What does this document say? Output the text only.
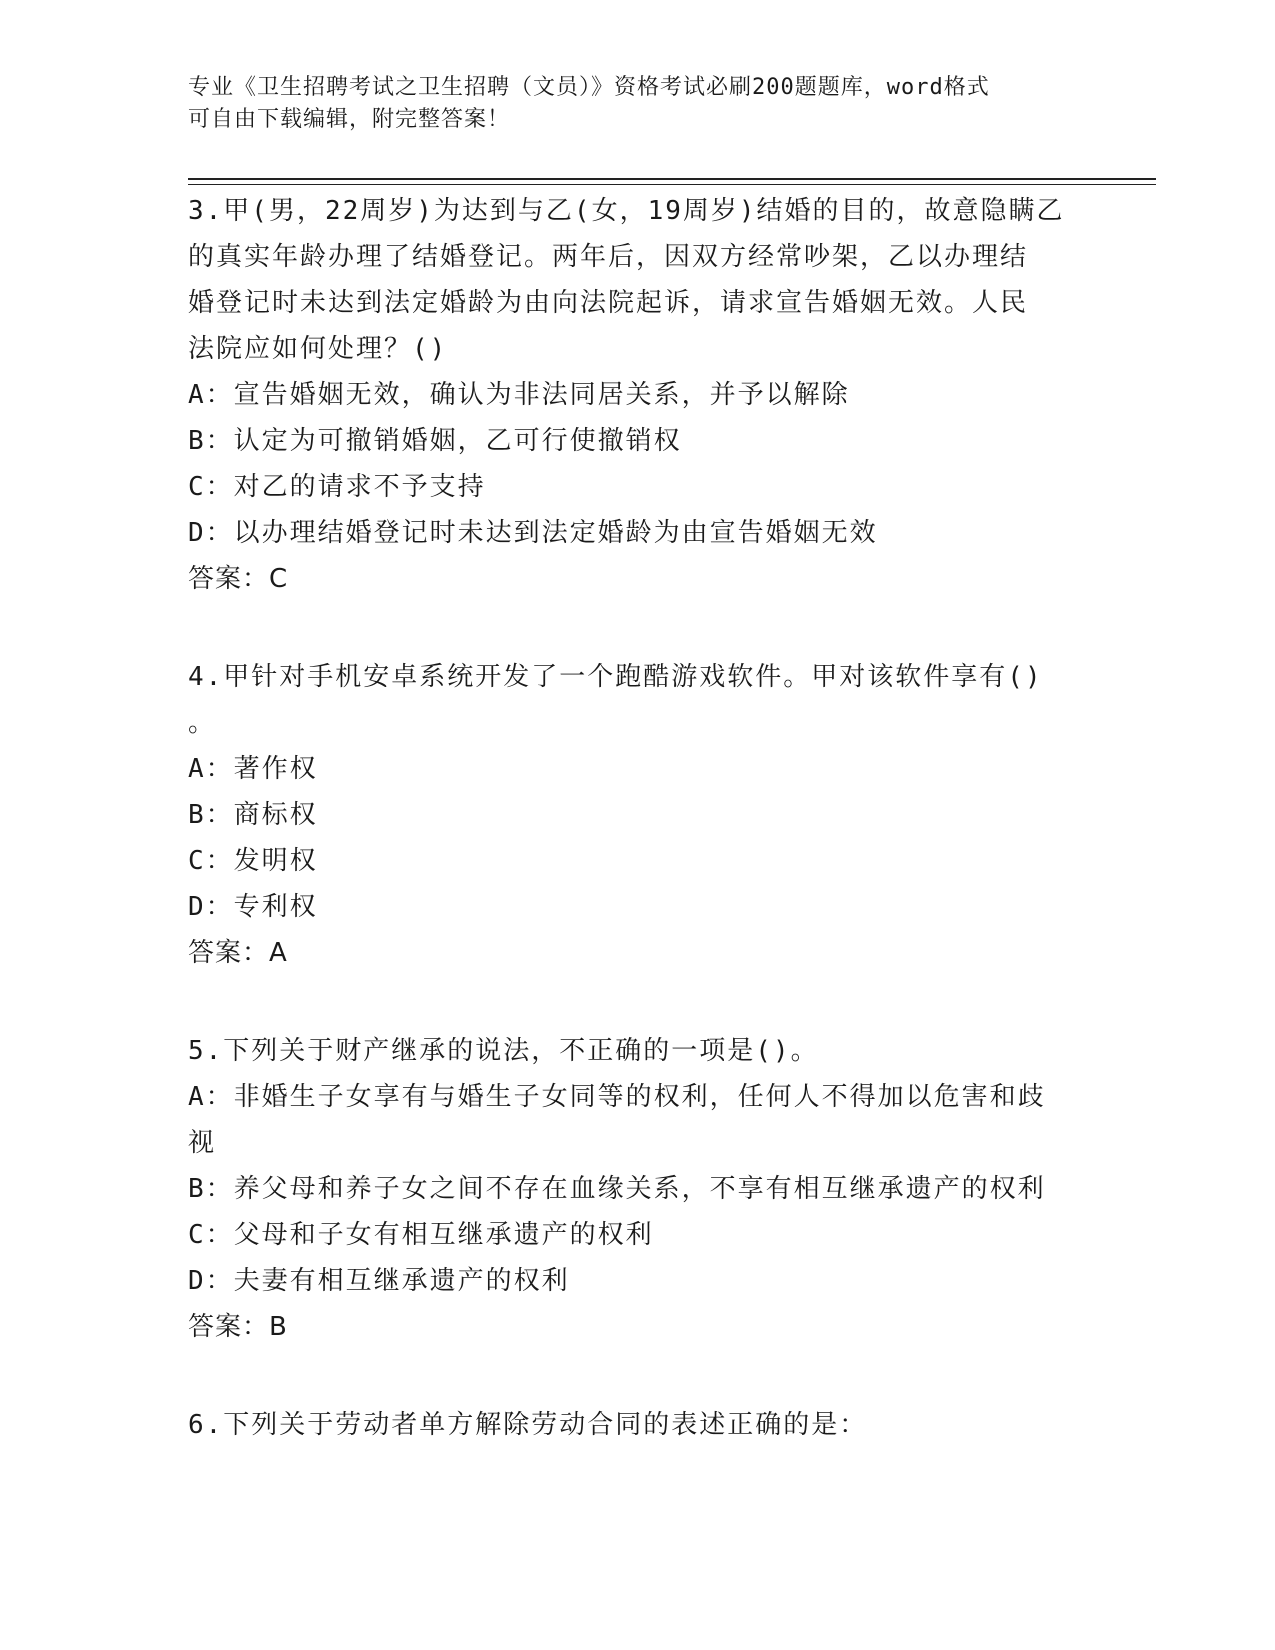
专业《卫生招聘考试之卫生招聘（文员）》资格考试必刷200题题库，word格式
可自由下载编辑，附完整答案！
3.甲(男，22周岁)为达到与乙(女，19周岁)结婚的目的，故意隐瞒乙
的真实年龄办理了结婚登记。两年后，因双方经常吵架，乙以办理结
婚登记时未达到法定婚龄为由向法院起诉，请求宣告婚姻无效。人民
法院应如何处理？()
A：宣告婚姻无效，确认为非法同居关系，并予以解除
B：认定为可撤销婚姻，乙可行使撤销权
C：对乙的请求不予支持
D：以办理结婚登记时未达到法定婚龄为由宣告婚姻无效
答案：C
4.甲针对手机安卓系统开发了一个跑酷游戏软件。甲对该软件享有()
。
A：著作权
B：商标权
C：发明权
D：专利权
答案：A
5.下列关于财产继承的说法，不正确的一项是()。
A：非婚生子女享有与婚生子女同等的权利，任何人不得加以危害和歧
视
B：养父母和养子女之间不存在血缘关系，不享有相互继承遗产的权利
C：父母和子女有相互继承遗产的权利
D：夫妻有相互继承遗产的权利
答案：B
6.下列关于劳动者单方解除劳动合同的表述正确的是：
